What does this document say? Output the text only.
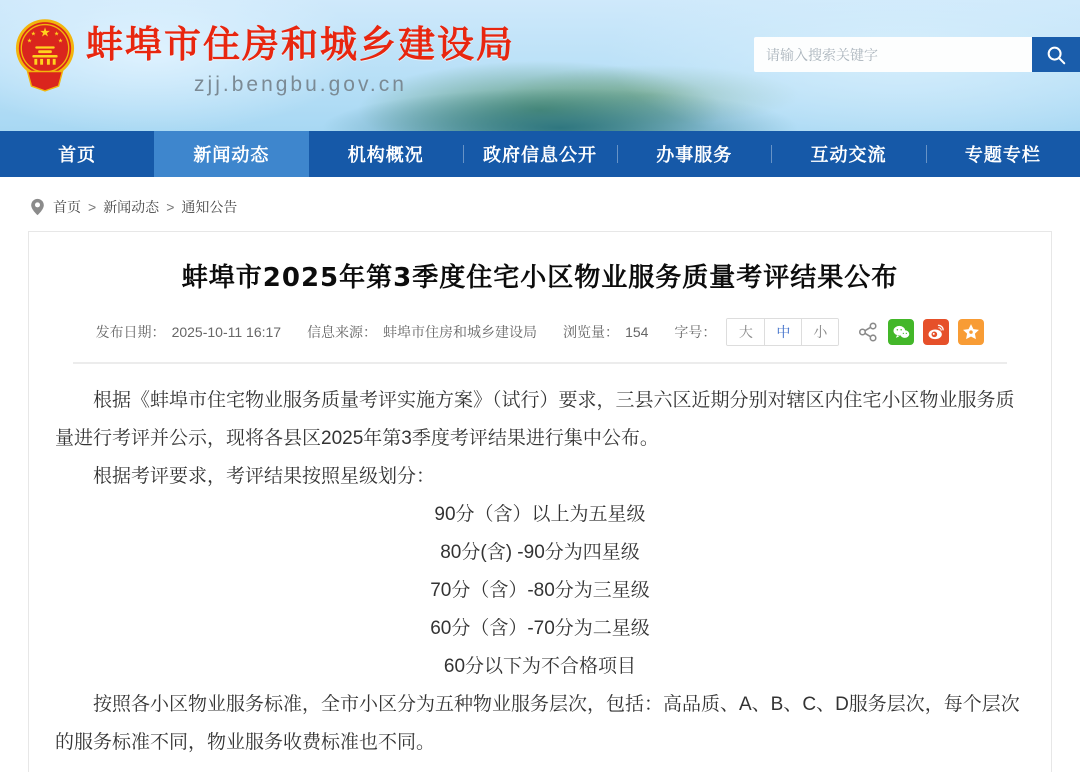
★
★	★
★	★ 蚌埠市住房和城乡建设局
zjj.bengbu.gov.cn
请输入搜索关键字
首页	新闻动态	机构概况	政府信息公开	办事服务	互动交流	专题专栏
首页 > 新闻动态 > 通知公告
蚌埠市2025年第3季度住宅小区物业服务质量考评结果公布
发布日期： 2025-10-11 16:17 信息来源： 蚌埠市住房和城乡建设局 浏览量： 154 字号：	大	中	小

根据《蚌埠市住宅物业服务质量考评实施方案》（试行）要求，三县六区近期分别对辖区内住宅小区物业服务质量进行考评并公示，现将各县区2025年第3季度考评结果进行集中公布。

根据考评要求，考评结果按照星级划分：

90分（含）以上为五星级

80分(含) -90分为四星级

70分（含）-80分为三星级

60分（含）-70分为二星级

60分以下为不合格项目

按照各小区物业服务标准，全市小区分为五种物业服务层次，包括：高品质、A、B、C、D服务层次，每个层次的服务标准不同，物业服务收费标准也不同。
